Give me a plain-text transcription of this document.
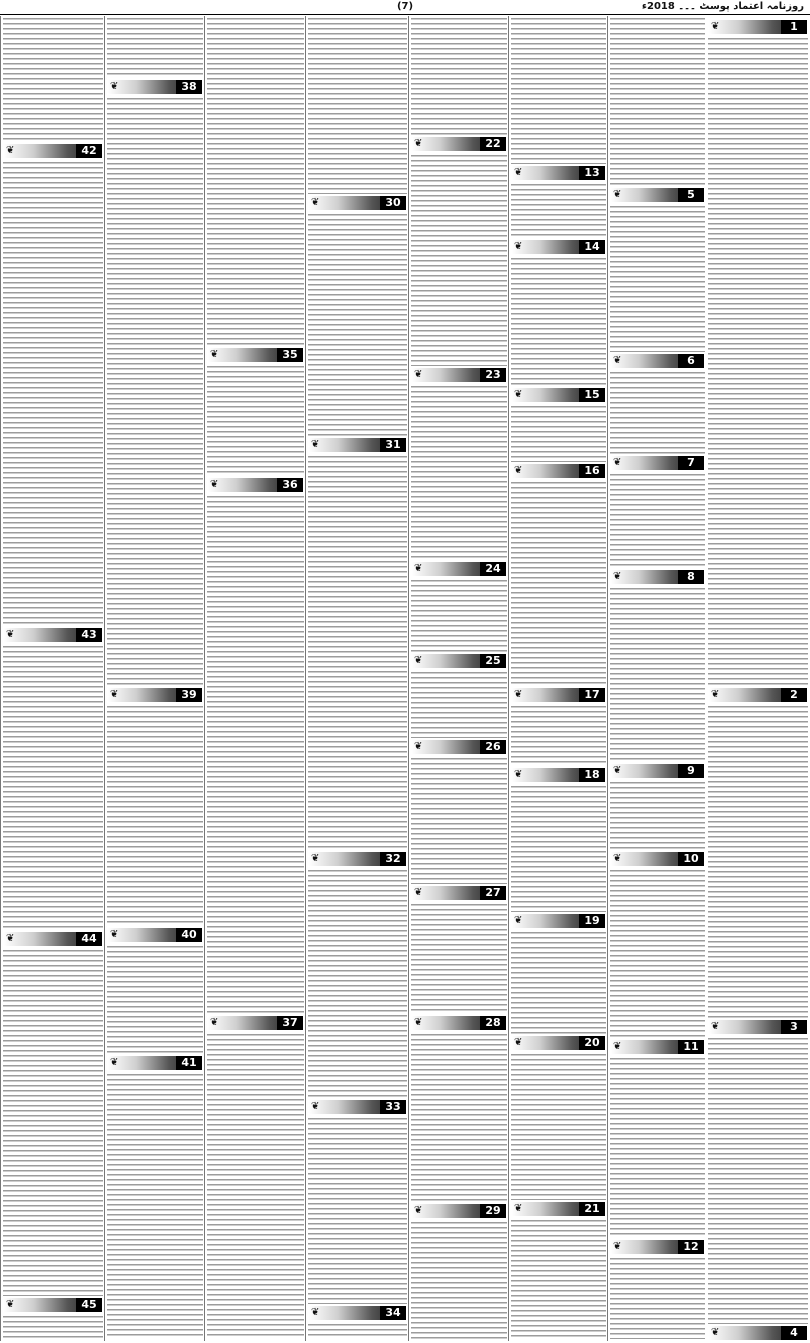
روزنامہ اعتماد پوسٹ ۔۔۔ 2018ء
(7)
1
❦
2
❦
3
❦
4
❦
5
❦
6
❦
7
❦
8
❦
9
❦
10
❦
11
❦
12
❦
13
❦
14
❦
15
❦
16
❦
17
❦
18
❦
19
❦
20
❦
21
❦
22
❦
23
❦
24
❦
25
❦
26
❦
27
❦
28
❦
29
❦
30
❦
31
❦
32
❦
33
❦
34
❦
35
❦
36
❦
37
❦
38
❦
39
❦
40
❦
41
❦
42
❦
43
❦
44
❦
45
❦
